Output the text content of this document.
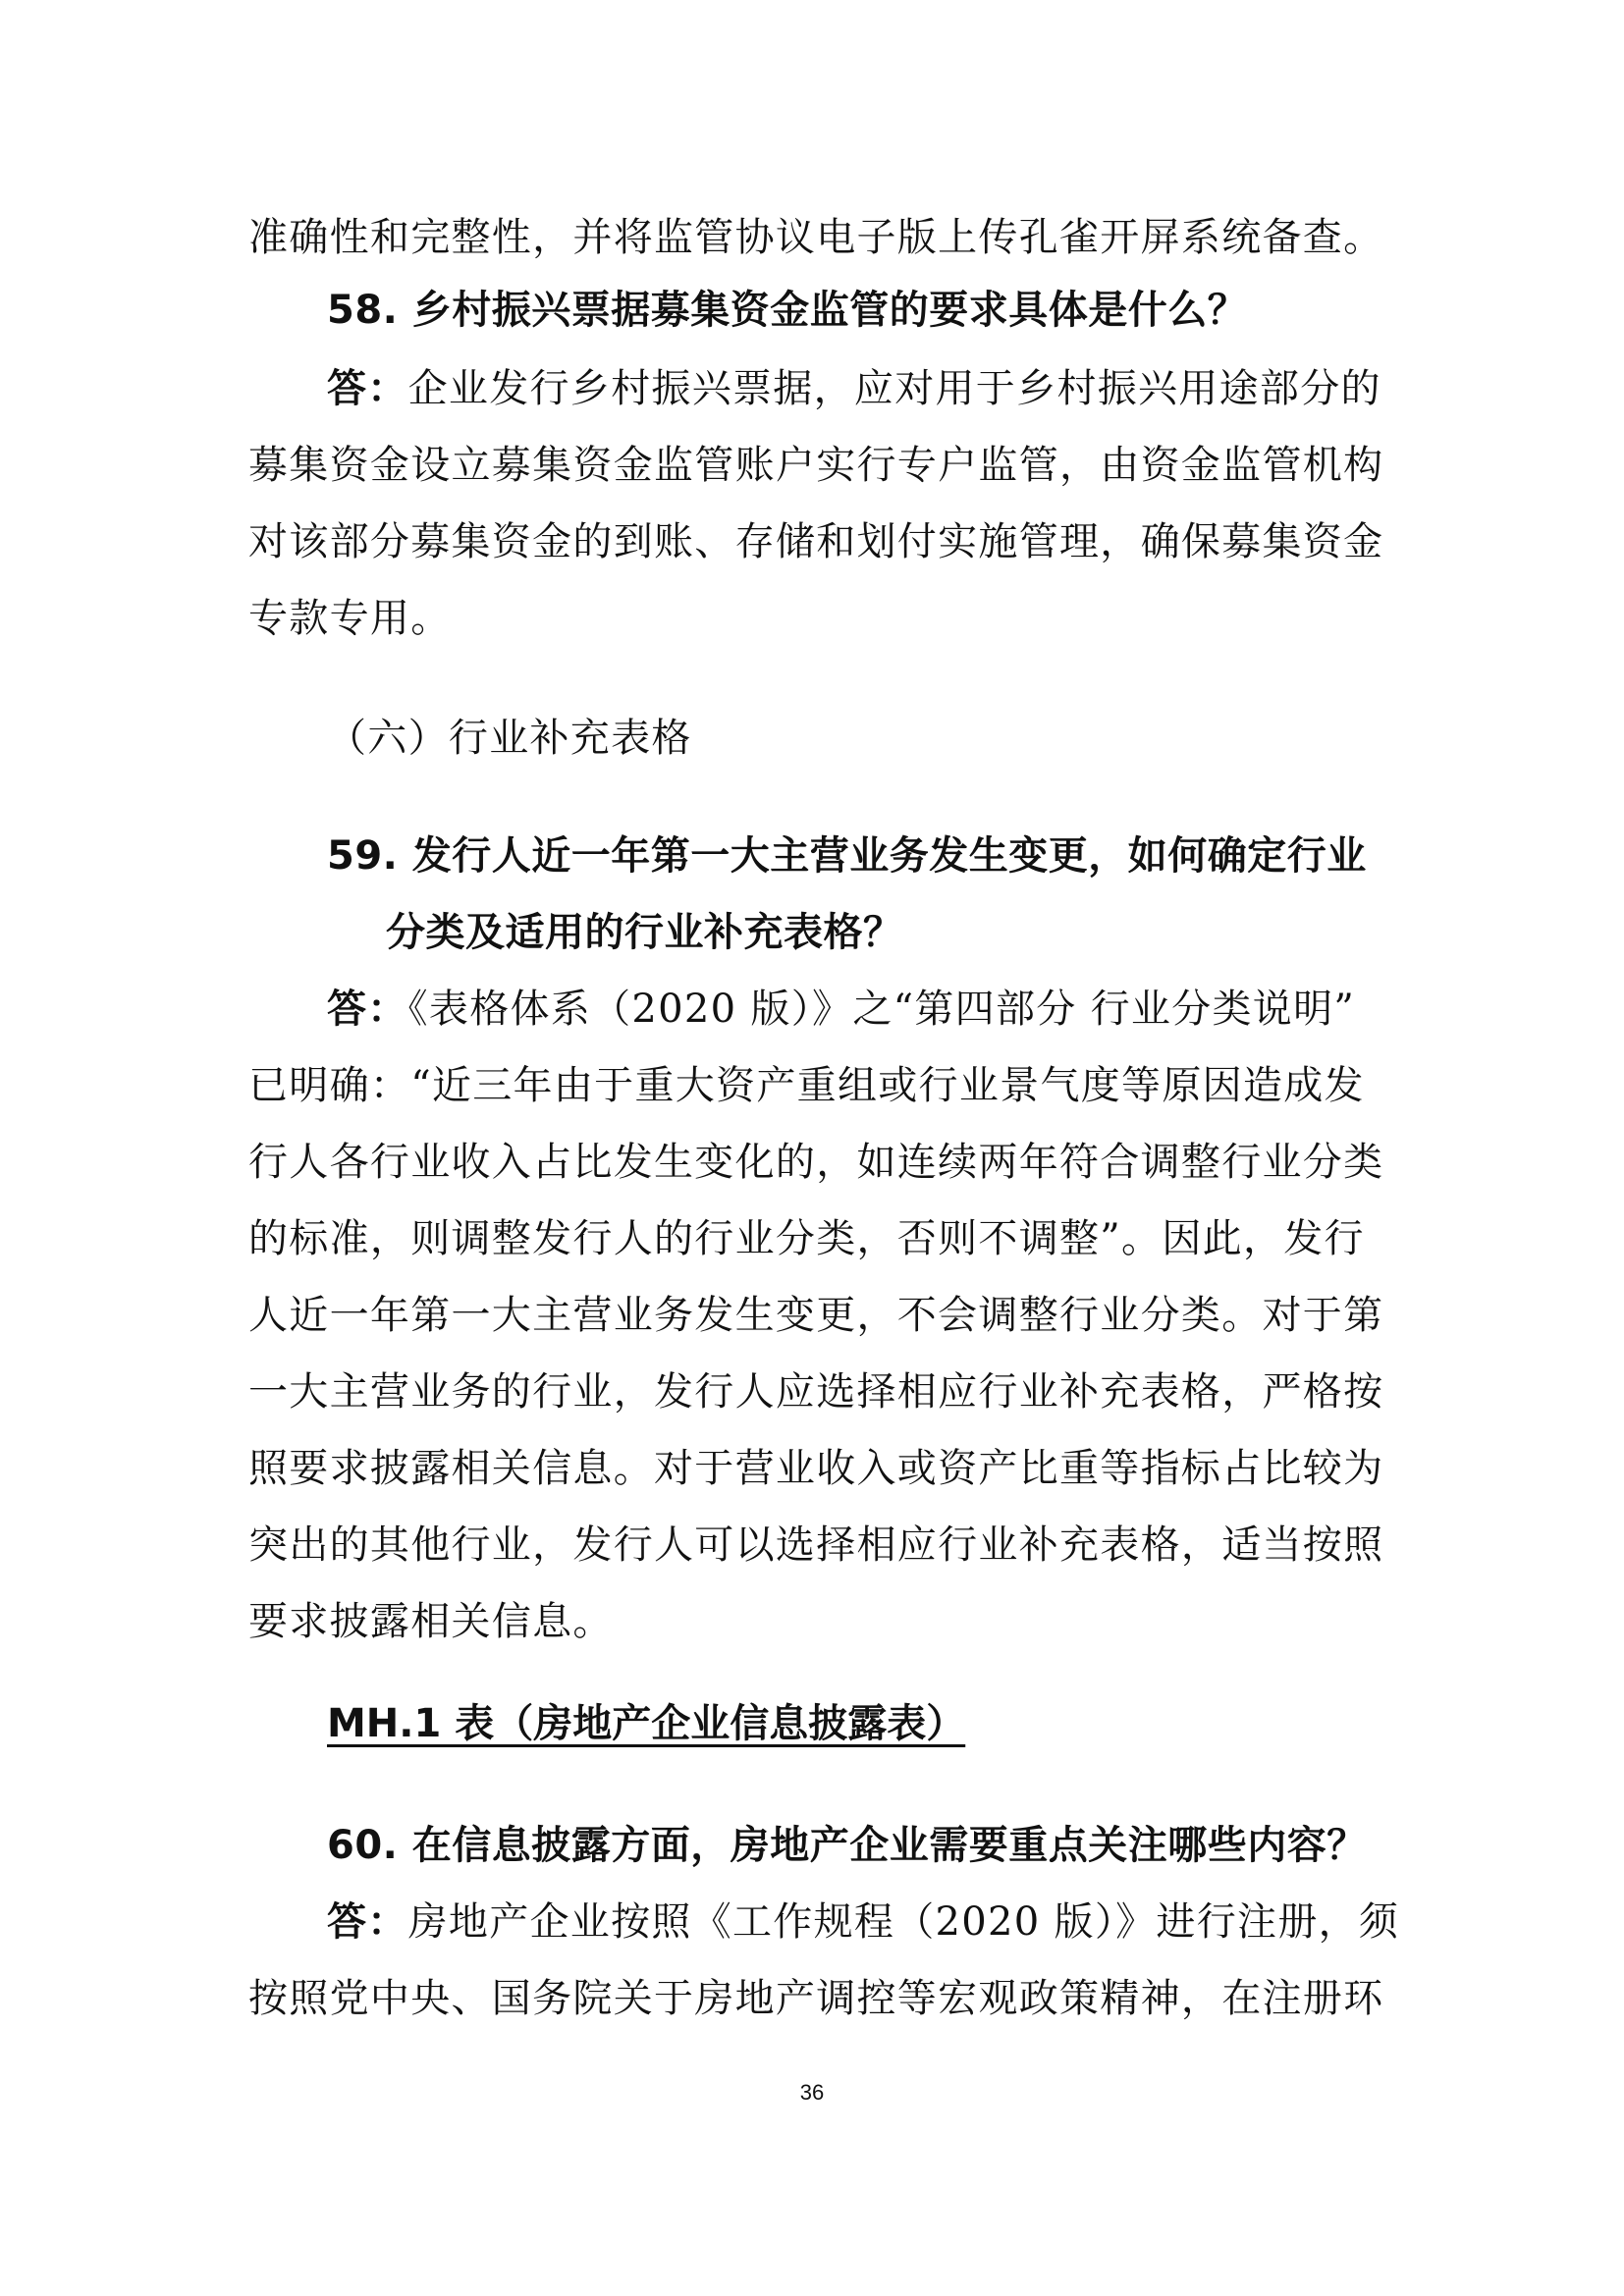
准确性和完整性，并将监管协议电子版上传孔雀开屏系统备查。
58. 乡村振兴票据募集资金监管的要求具体是什么？
答：企业发行乡村振兴票据，应对用于乡村振兴用途部分的
募集资金设立募集资金监管账户实行专户监管，由资金监管机构
对该部分募集资金的到账、存储和划付实施管理，确保募集资金
专款专用。
（六）行业补充表格
59. 发行人近一年第一大主营业务发生变更，如何确定行业
分类及适用的行业补充表格？
答：《表格体系（2020 版）》之“第四部分 行业分类说明”
已明确：“近三年由于重大资产重组或行业景气度等原因造成发
行人各行业收入占比发生变化的，如连续两年符合调整行业分类
的标准，则调整发行人的行业分类，否则不调整”。因此，发行
人近一年第一大主营业务发生变更，不会调整行业分类。对于第
一大主营业务的行业，发行人应选择相应行业补充表格，严格按
照要求披露相关信息。对于营业收入或资产比重等指标占比较为
突出的其他行业，发行人可以选择相应行业补充表格，适当按照
要求披露相关信息。
MH.1 表（房地产企业信息披露表）
60. 在信息披露方面，房地产企业需要重点关注哪些内容？
答：房地产企业按照《工作规程（2020 版）》进行注册，须
按照党中央、国务院关于房地产调控等宏观政策精神，在注册环
36
